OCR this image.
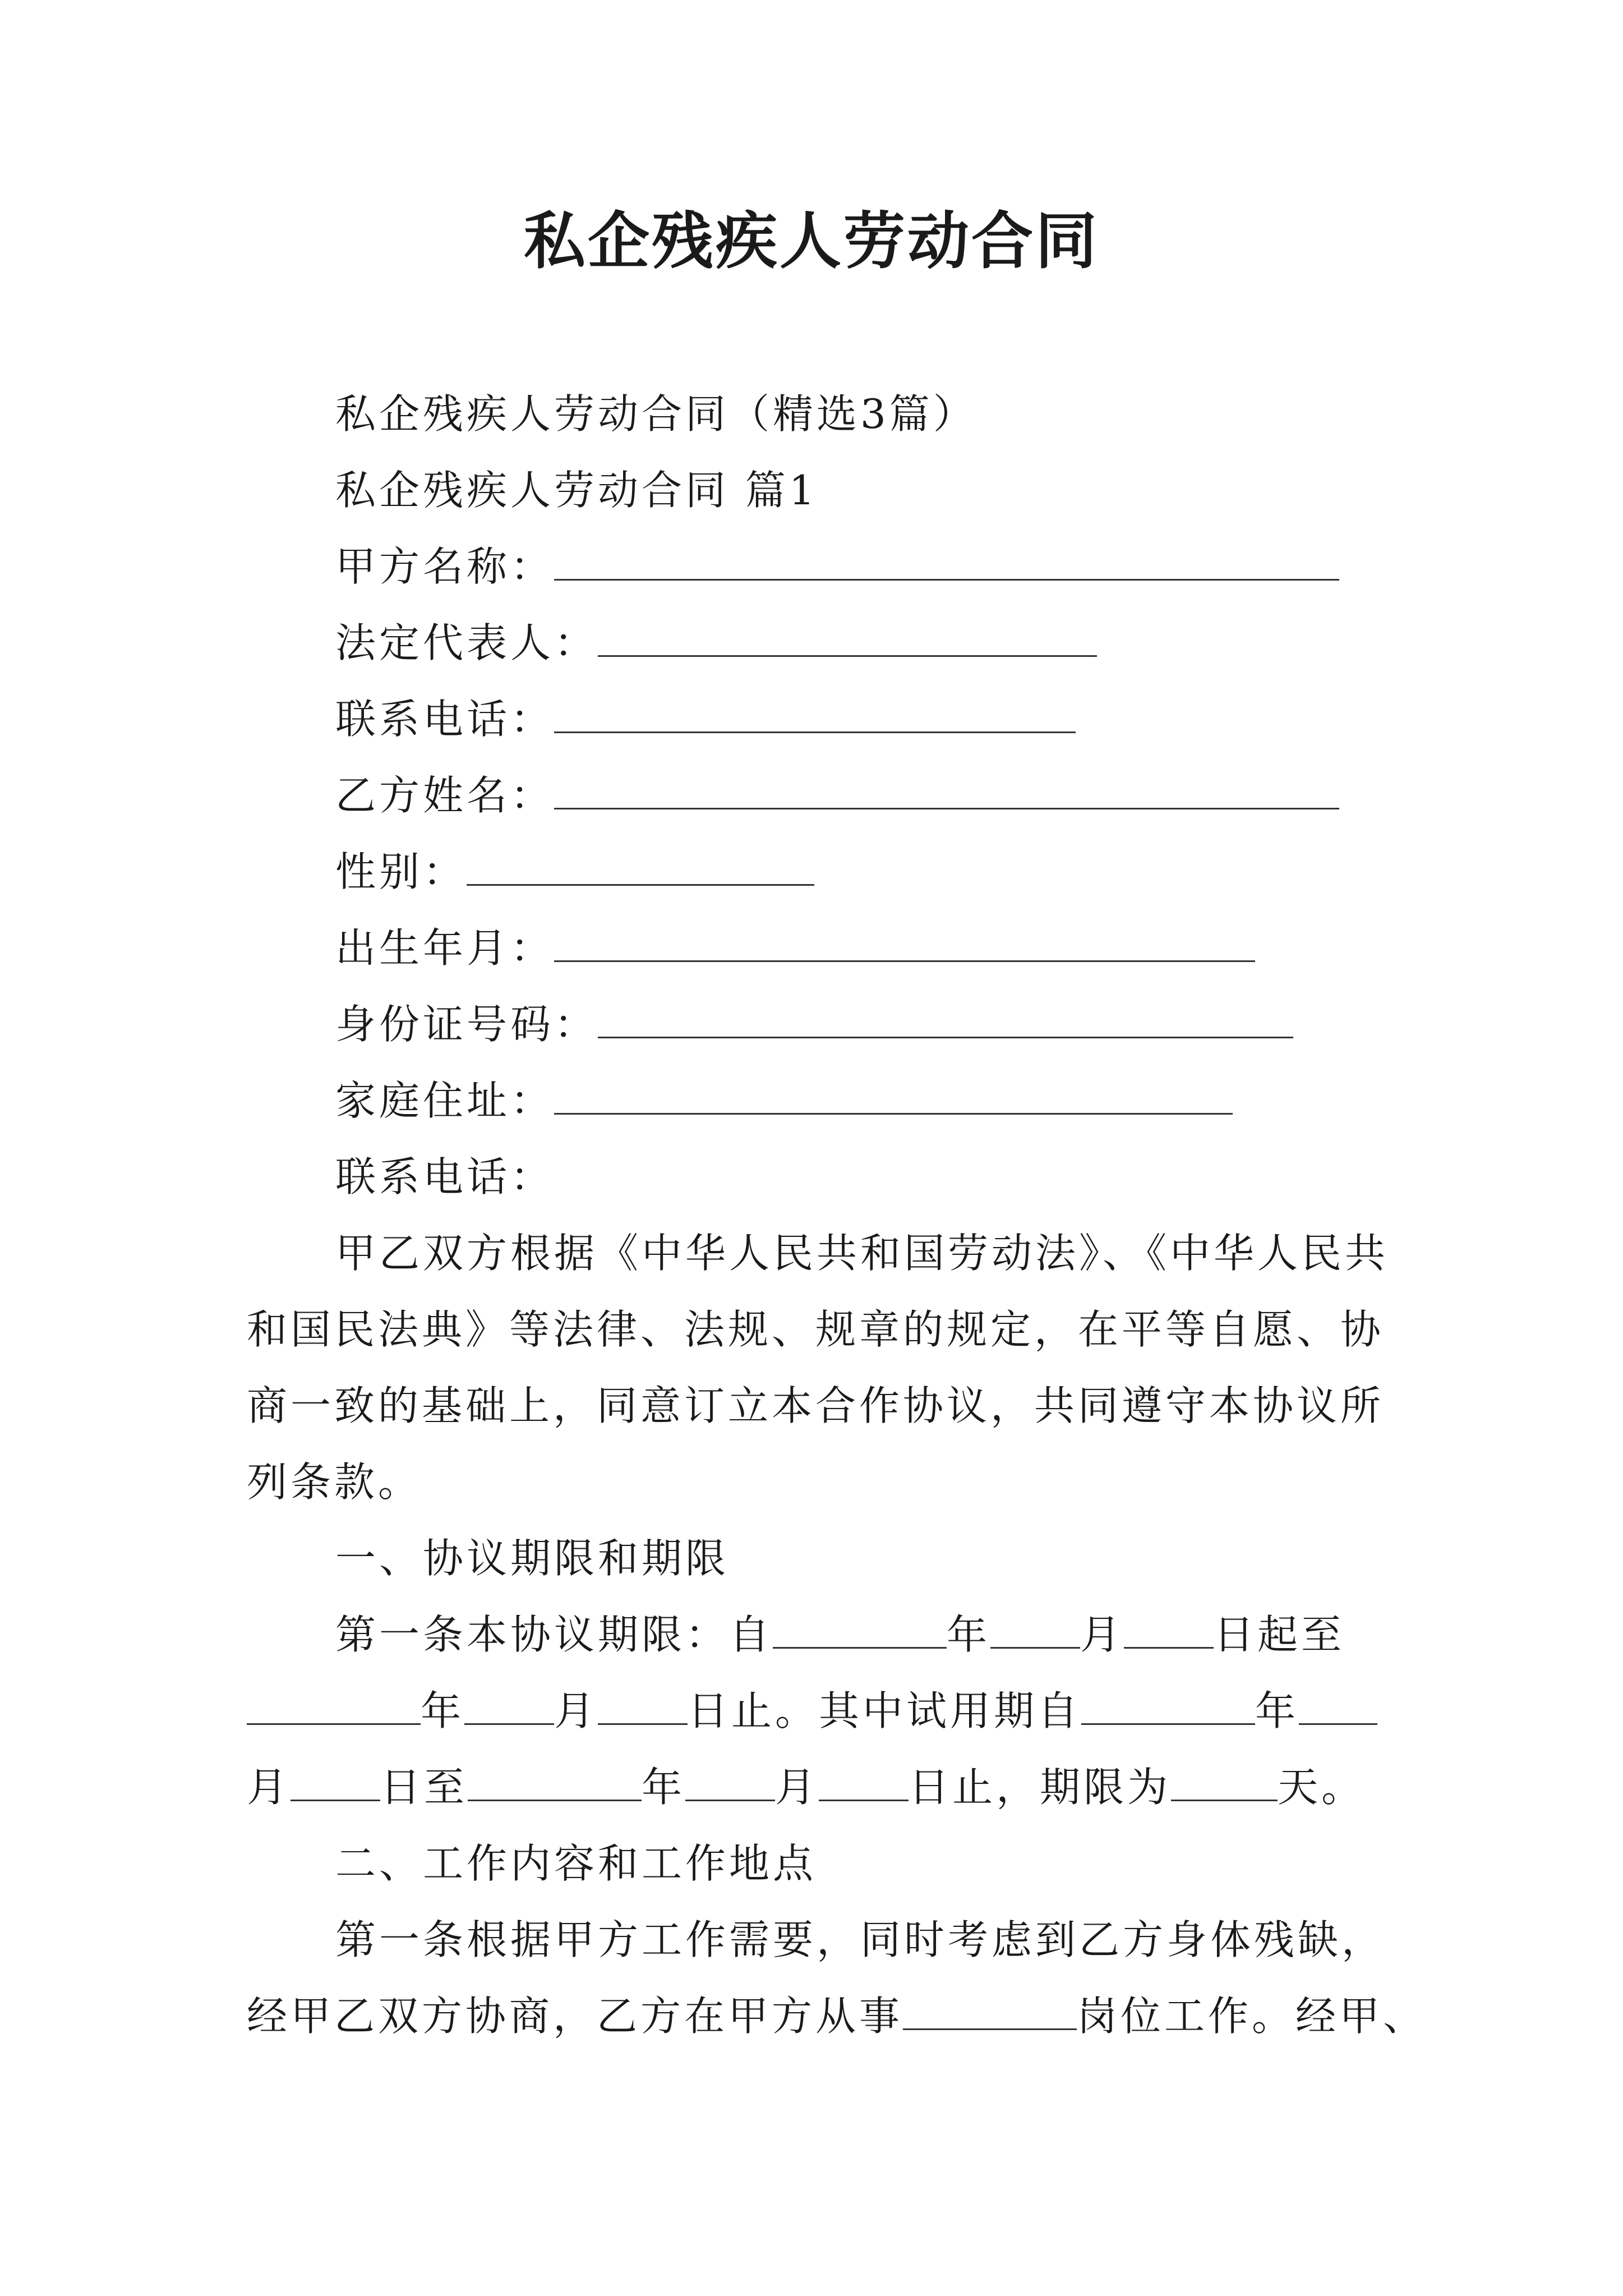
私企残疾人劳动合同
私企残疾人劳动合同（精选3篇）
私企残疾人劳动合同 篇1
甲方名称：
法定代表人：
联系电话：
乙方姓名：
性别：
出生年月：
身份证号码：
家庭住址：
联系电话：
甲乙双方根据《中华人民共和国劳动法》、《中华人民共
和国民法典》等法律、法规、规章的规定，在平等自愿、协
商一致的基础上，同意订立本合作协议，共同遵守本协议所
列条款。
一、协议期限和期限
第一条本协议期限：自	年 月 日起至
年 月 日止。其中试用期自	年
月 日至	年 月 日止，期限为	天。
二、工作内容和工作地点
第一条根据甲方工作需要，同时考虑到乙方身体残缺，
经甲乙双方协商，乙方在甲方从事	岗位工作。经甲、
